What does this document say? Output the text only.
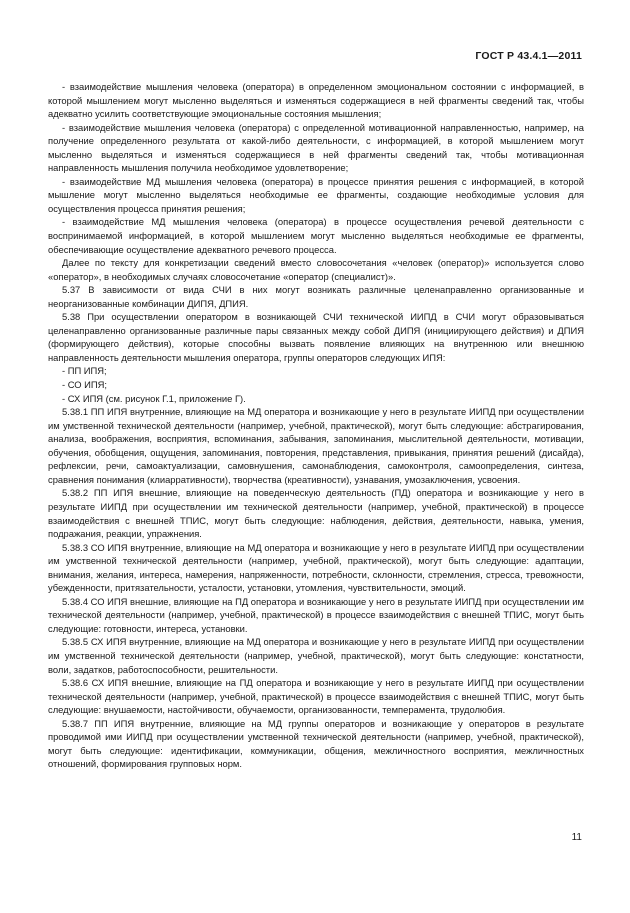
ГОСТ Р 43.4.1—2011

- взаимодействие мышления человека (оператора) в определенном эмоциональном состоянии с информацией, в которой мышлением могут мысленно выделяться и изменяться содержащиеся в ней фрагменты сведений так, чтобы адекватно усилить соответствующие эмоциональные состояния мышления;

- взаимодействие мышления человека (оператора) с определенной мотивационной направленностью, например, на получение определенного результата от какой-либо деятельности, с информацией, в которой мышлением могут мысленно выделяться и изменяться содержащиеся в ней фрагменты сведений так, чтобы мотивационная направленность мышления получила необходимое удовлетворение;

- взаимодействие МД мышления человека (оператора) в процессе принятия решения с информацией, в которой мышление могут мысленно выделяться необходимые ее фрагменты, создающие необходимые условия для осуществления процесса принятия решения;

- взаимодействие МД мышления человека (оператора) в процессе осуществления речевой деятельности с воспринимаемой информацией, в которой мышлением могут мысленно выделяться необходимые ее фрагменты, обеспечивающие осуществление адекватного речевого процесса.

Далее по тексту для конкретизации сведений вместо словосочетания «человек (оператор)» используется слово «оператор», в необходимых случаях словосочетание «оператор (специалист)».

5.37 В зависимости от вида СЧИ в них могут возникать различные целенаправленно организованные и неорганизованные комбинации ДИПЯ, ДПИЯ.

5.38 При осуществлении оператором в возникающей СЧИ технической ИИПД в СЧИ могут образовываться целенаправленно организованные различные пары связанных между собой ДИПЯ (инициирующего действия) и ДПИЯ (формирующего действия), которые способны вызвать появление влияющих на внутреннюю или внешнюю направленность деятельности мышления оператора, группы операторов следующих ИПЯ:

- ПП ИПЯ;

- СО ИПЯ;

- СХ ИПЯ (см. рисунок Г.1, приложение Г).

5.38.1 ПП ИПЯ внутренние, влияющие на МД оператора и возникающие у него в результате ИИПД при осуществлении им умственной технической деятельности (например, учебной, практической), могут быть следующие: абстрагирования, анализа, воображения, восприятия, вспоминания, забывания, запоминания, мыслительной деятельности, мотивации, обучения, обобщения, ощущения, запоминания, повторения, представления, привыкания, принятия решений (дисайда), рефлексии, речи, самоактуализации, самовнушения, самонаблюдения, самоконтроля, самоопределения, синтеза, сравнения понимания (клиарративности), творчества (креативности), узнавания, умозаключения, усвоения.

5.38.2 ПП ИПЯ внешние, влияющие на поведенческую деятельность (ПД) оператора и возникающие у него в результате ИИПД при осуществлении им технической деятельности (например, учебной, практической) в процессе взаимодействия с внешней ТПИС, могут быть следующие: наблюдения, действия, деятельности, навыка, умения, подражания, реакции, упражнения.

5.38.3 СО ИПЯ внутренние, влияющие на МД оператора и возникающие у него в результате ИИПД при осуществлении им умственной технической деятельности (например, учебной, практической), могут быть следующие: адаптации, внимания, желания, интереса, намерения, напряженности, потребности, склонности, стремления, стресса, тревожности, убежденности, притязательности, усталости, установки, утомления, чувствительности, эмоций.

5.38.4 СО ИПЯ внешние, влияющие на ПД оператора и возникающие у него в результате ИИПД при осуществлении им технической деятельности (например, учебной, практической) в процессе взаимодействия с внешней ТПИС, могут быть следующие: готовности, интереса, установки.

5.38.5 СХ ИПЯ внутренние, влияющие на МД оператора и возникающие у него в результате ИИПД при осуществлении им умственной технической деятельности (например, учебной, практической), могут быть следующие: констатности, воли, задатков, работоспособности, решительности.

5.38.6 СХ ИПЯ внешние, влияющие на ПД оператора и возникающие у него в результате ИИПД при осуществлении технической деятельности (например, учебной, практической) в процессе взаимодействия с внешней ТПИС, могут быть следующие: внушаемости, настойчивости, обучаемости, организованности, темперамента, трудолюбия.

5.38.7 ПП ИПЯ внутренние, влияющие на МД группы операторов и возникающие у операторов в результате проводимой ими ИИПД при осуществлении умственной технической деятельности (например, учебной, практической), могут быть следующие: идентификации, коммуникации, общения, межличностного восприятия, межличностных отношений, формирования групповых норм.

11
